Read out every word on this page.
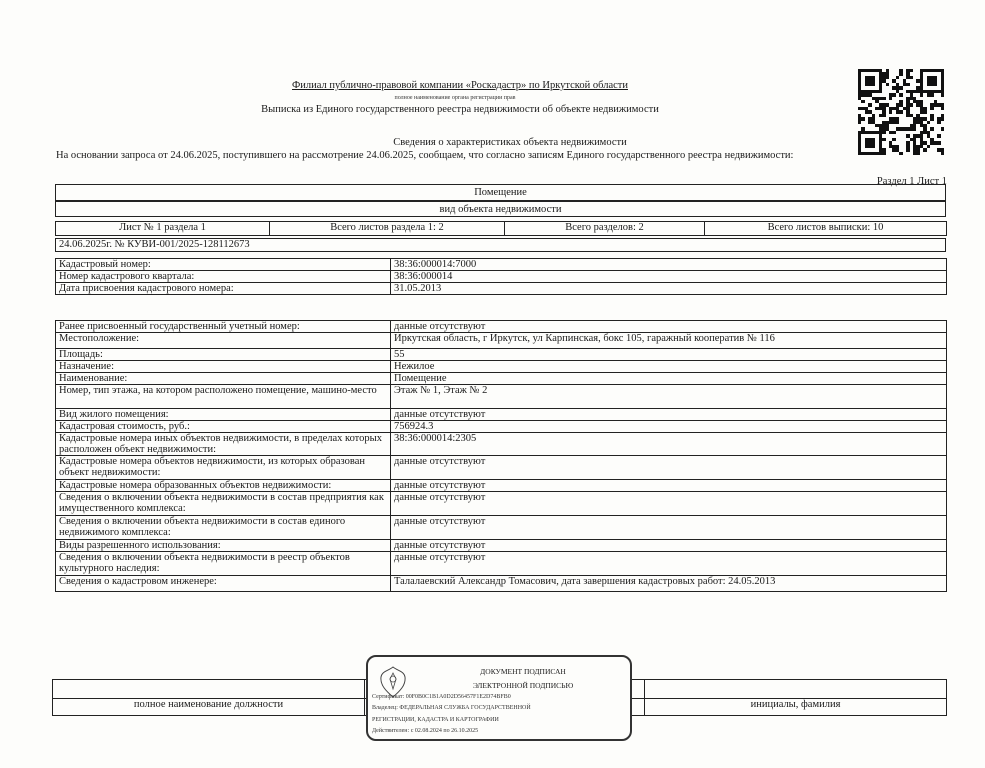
Филиал публично-правовой компании «Роскадастр» по Иркутской области
полное наименование органа регистрации прав
Выписка из Единого государственного реестра недвижимости об объекте недвижимости
Сведения о характеристиках объекта недвижимости
На основании запроса от 24.06.2025, поступившего на рассмотрение 24.06.2025, сообщаем, что согласно записям Единого государственного реестра недвижимости:
Раздел 1 Лист 1
Помещение
вид объекта недвижимости
Лист № 1 раздела 1	Всего листов раздела 1: 2	Всего разделов: 2	Всего листов выписки: 10
24.06.2025г. № КУВИ-001/2025-128112673
Кадастровый номер:	38:36:000014:7000
Номер кадастрового квартала:	38:36:000014
Дата присвоения кадастрового номера:	31.05.2013
Ранее присвоенный государственный учетный номер:	данные отсутствуют
Местоположение:	Иркутская область, г Иркутск, ул Карпинская, бокс 105, гаражный кооператив № 116
Площадь:	55
Назначение:	Нежилое
Наименование:	Помещение
Номер, тип этажа, на котором расположено помещение, машино-место	Этаж № 1, Этаж № 2
Вид жилого помещения:	данные отсутствуют
Кадастровая стоимость, руб.:	756924.3
Кадастровые номера иных объектов недвижимости, в пределах которых расположен объект недвижимости:	38:36:000014:2305
Кадастровые номера объектов недвижимости, из которых образован объект недвижимости:	данные отсутствуют
Кадастровые номера образованных объектов недвижимости:	данные отсутствуют
Сведения о включении объекта недвижимости в состав предприятия как имущественного комплекса:	данные отсутствуют
Сведения о включении объекта недвижимости в состав единого недвижимого комплекса:	данные отсутствуют
Виды разрешенного использования:	данные отсутствуют
Сведения о включении объекта недвижимости в реестр объектов культурного наследия:	данные отсутствуют
Сведения о кадастровом инженере:	Талалаевский Александр Томасович, дата завершения кадастровых работ: 24.05.2013

полное наименование должности		инициалы, фамилия
ДОКУМЕНТ ПОДПИСАН
ЭЛЕКТРОННОЙ ПОДПИСЬЮ
Сертификат: 00F0B0C1B1A0D2D56457F1E2D74BFB0
Владелец: ФЕДЕРАЛЬНАЯ СЛУЖБА ГОСУДАРСТВЕННОЙ
РЕГИСТРАЦИИ, КАДАСТРА И КАРТОГРАФИИ
Действителен: с 02.08.2024 по 26.10.2025
